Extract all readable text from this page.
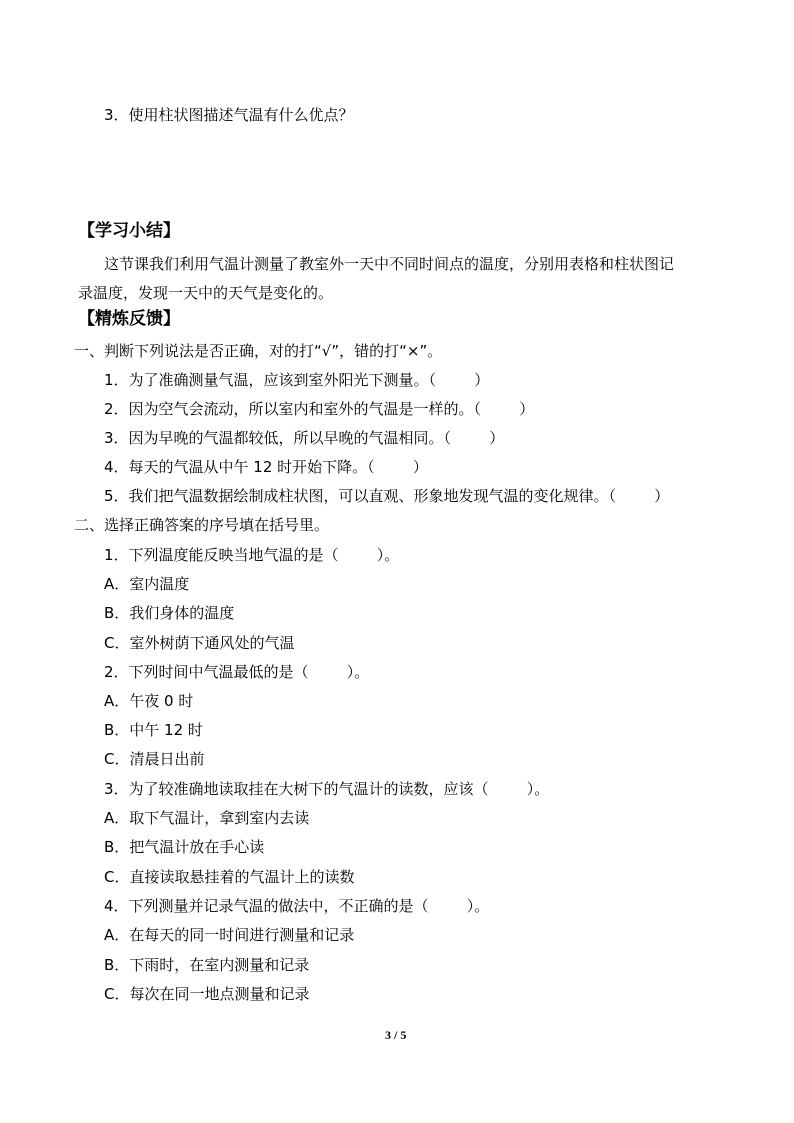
3．使用柱状图描述气温有什么优点？
【学习小结】
这节课我们利用气温计测量了教室外一天中不同时间点的温度，分别用表格和柱状图记
录温度，发现一天中的天气是变化的。
【精炼反馈】
一、判断下列说法是否正确，对的打“√”，错的打“×”。
1．为了准确测量气温，应该到室外阳光下测量。（        ）
2．因为空气会流动，所以室内和室外的气温是一样的。（        ）
3．因为早晚的气温都较低，所以早晚的气温相同。（        ）
4．每天的气温从中午 12 时开始下降。（        ）
5．我们把气温数据绘制成柱状图，可以直观、形象地发现气温的变化规律。（        ）
二、选择正确答案的序号填在括号里。
1．下列温度能反映当地气温的是（        ）。
A．室内温度
B．我们身体的温度
C．室外树荫下通风处的气温
2．下列时间中气温最低的是（        ）。
A．午夜 0 时
B．中午 12 时
C．清晨日出前
3．为了较准确地读取挂在大树下的气温计的读数，应该（        ）。
A．取下气温计，拿到室内去读
B．把气温计放在手心读
C．直接读取悬挂着的气温计上的读数
4．下列测量并记录气温的做法中，不正确的是（        ）。
A．在每天的同一时间进行测量和记录
B．下雨时，在室内测量和记录
C．每次在同一地点测量和记录
3 / 5
